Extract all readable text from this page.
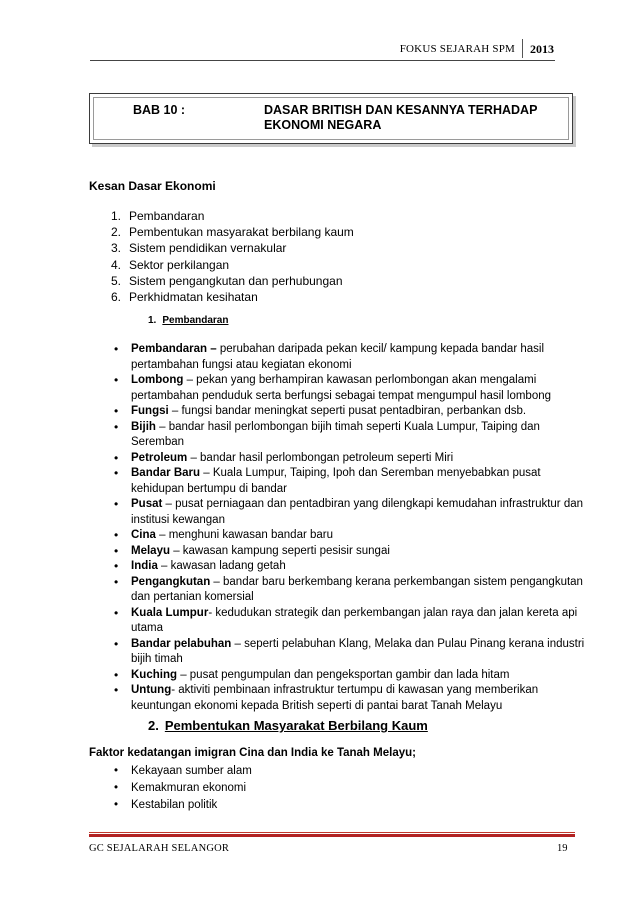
FOKUS SEJARAH SPM	2013
BAB 10 :	DASAR BRITISH DAN KESANNYA TERHADAP
EKONOMI NEGARA
Kesan Dasar Ekonomi
1. Pembandaran
2. Pembentukan masyarakat berbilang kaum
3. Sistem pendidikan vernakular
4. Sektor perkilangan
5. Sistem pengangkutan dan perhubungan
6. Perkhidmatan kesihatan
1. Pembandaran
•	Pembandaran – perubahan daripada pekan kecil/ kampung kepada bandar hasil pertambahan fungsi atau kegiatan ekonomi
•	Lombong – pekan yang berhampiran kawasan perlombongan akan mengalami pertambahan penduduk serta berfungsi sebagai tempat mengumpul hasil lombong
•	Fungsi – fungsi bandar meningkat seperti pusat pentadbiran, perbankan dsb.
•	Bijih – bandar hasil perlombongan bijih timah seperti Kuala Lumpur, Taiping dan Seremban
•	Petroleum – bandar hasil perlombongan petroleum seperti Miri
•	Bandar Baru – Kuala Lumpur, Taiping, Ipoh dan Seremban menyebabkan pusat kehidupan bertumpu di bandar
•	Pusat – pusat perniagaan dan pentadbiran yang dilengkapi kemudahan infrastruktur dan institusi kewangan
•	Cina – menghuni kawasan bandar baru
•	Melayu – kawasan kampung seperti pesisir sungai
•	India – kawasan ladang getah
•	Pengangkutan – bandar baru berkembang kerana perkembangan sistem pengangkutan dan pertanian komersial
•	Kuala Lumpur- kedudukan strategik dan perkembangan jalan raya dan jalan kereta api utama
•	Bandar pelabuhan – seperti pelabuhan Klang, Melaka dan Pulau Pinang kerana industri bijih timah
•	Kuching – pusat pengumpulan dan pengeksportan gambir dan lada hitam
•	Untung- aktiviti pembinaan infrastruktur tertumpu di kawasan yang memberikan keuntungan ekonomi kepada British seperti di pantai barat Tanah Melayu
2. Pembentukan Masyarakat Berbilang Kaum
Faktor kedatangan imigran Cina dan India ke Tanah Melayu;
•	Kekayaan sumber alam
•	Kemakmuran ekonomi
•	Kestabilan politik
GC SEJALARAH SELANGOR	19
